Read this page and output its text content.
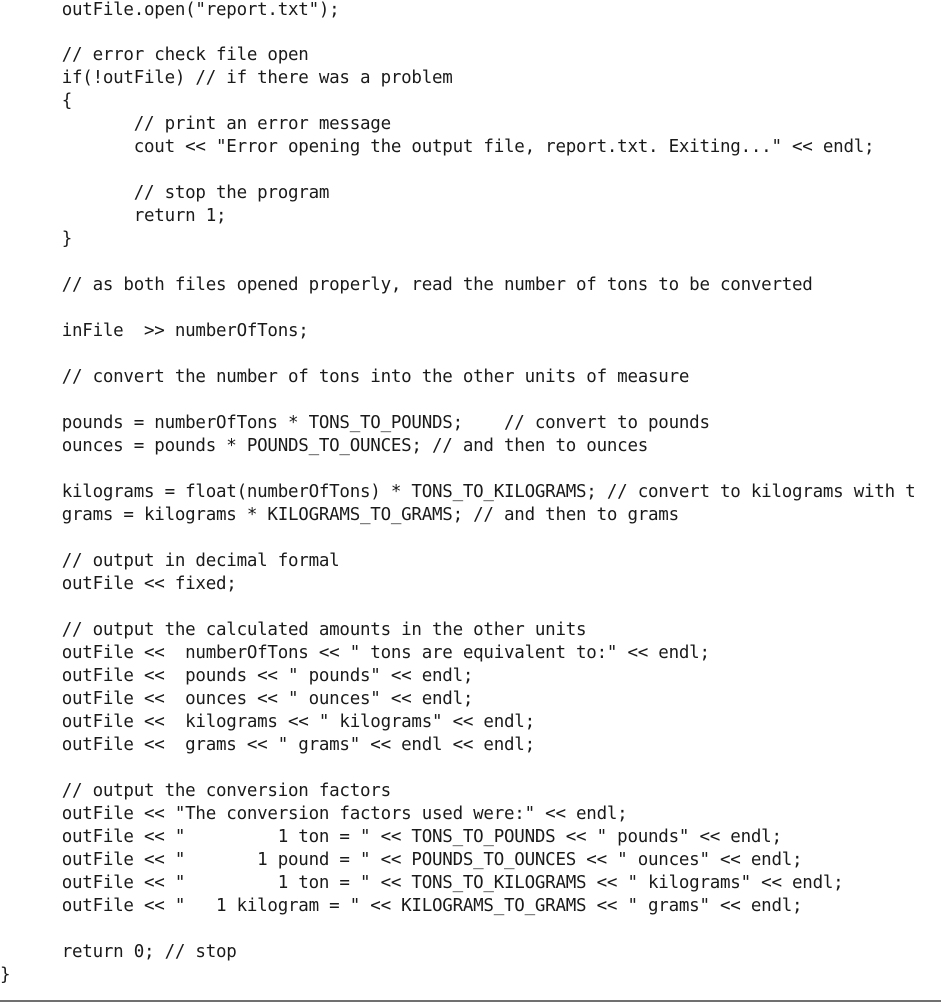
outFile.open("report.txt");
// error check file open
if(!outFile) // if there was a problem
{
// print an error message
cout << "Error opening the output file, report.txt. Exiting..." << endl;
// stop the program
return 1;
}
// as both files opened properly, read the number of tons to be converted
inFile  >> numberOfTons;
// convert the number of tons into the other units of measure
pounds = numberOfTons * TONS_TO_POUNDS;    // convert to pounds
ounces = pounds * POUNDS_TO_OUNCES; // and then to ounces
kilograms = float(numberOfTons) * TONS_TO_KILOGRAMS; // convert to kilograms with t
grams = kilograms * KILOGRAMS_TO_GRAMS; // and then to grams
// output in decimal formal
outFile << fixed;
// output the calculated amounts in the other units
outFile <<  numberOfTons << " tons are equivalent to:" << endl;
outFile <<  pounds << " pounds" << endl;
outFile <<  ounces << " ounces" << endl;
outFile <<  kilograms << " kilograms" << endl;
outFile <<  grams << " grams" << endl << endl;
// output the conversion factors
outFile << "The conversion factors used were:" << endl;
outFile << "         1 ton = " << TONS_TO_POUNDS << " pounds" << endl;
outFile << "       1 pound = " << POUNDS_TO_OUNCES << " ounces" << endl;
outFile << "         1 ton = " << TONS_TO_KILOGRAMS << " kilograms" << endl;
outFile << "   1 kilogram = " << KILOGRAMS_TO_GRAMS << " grams" << endl;
return 0; // stop
}
